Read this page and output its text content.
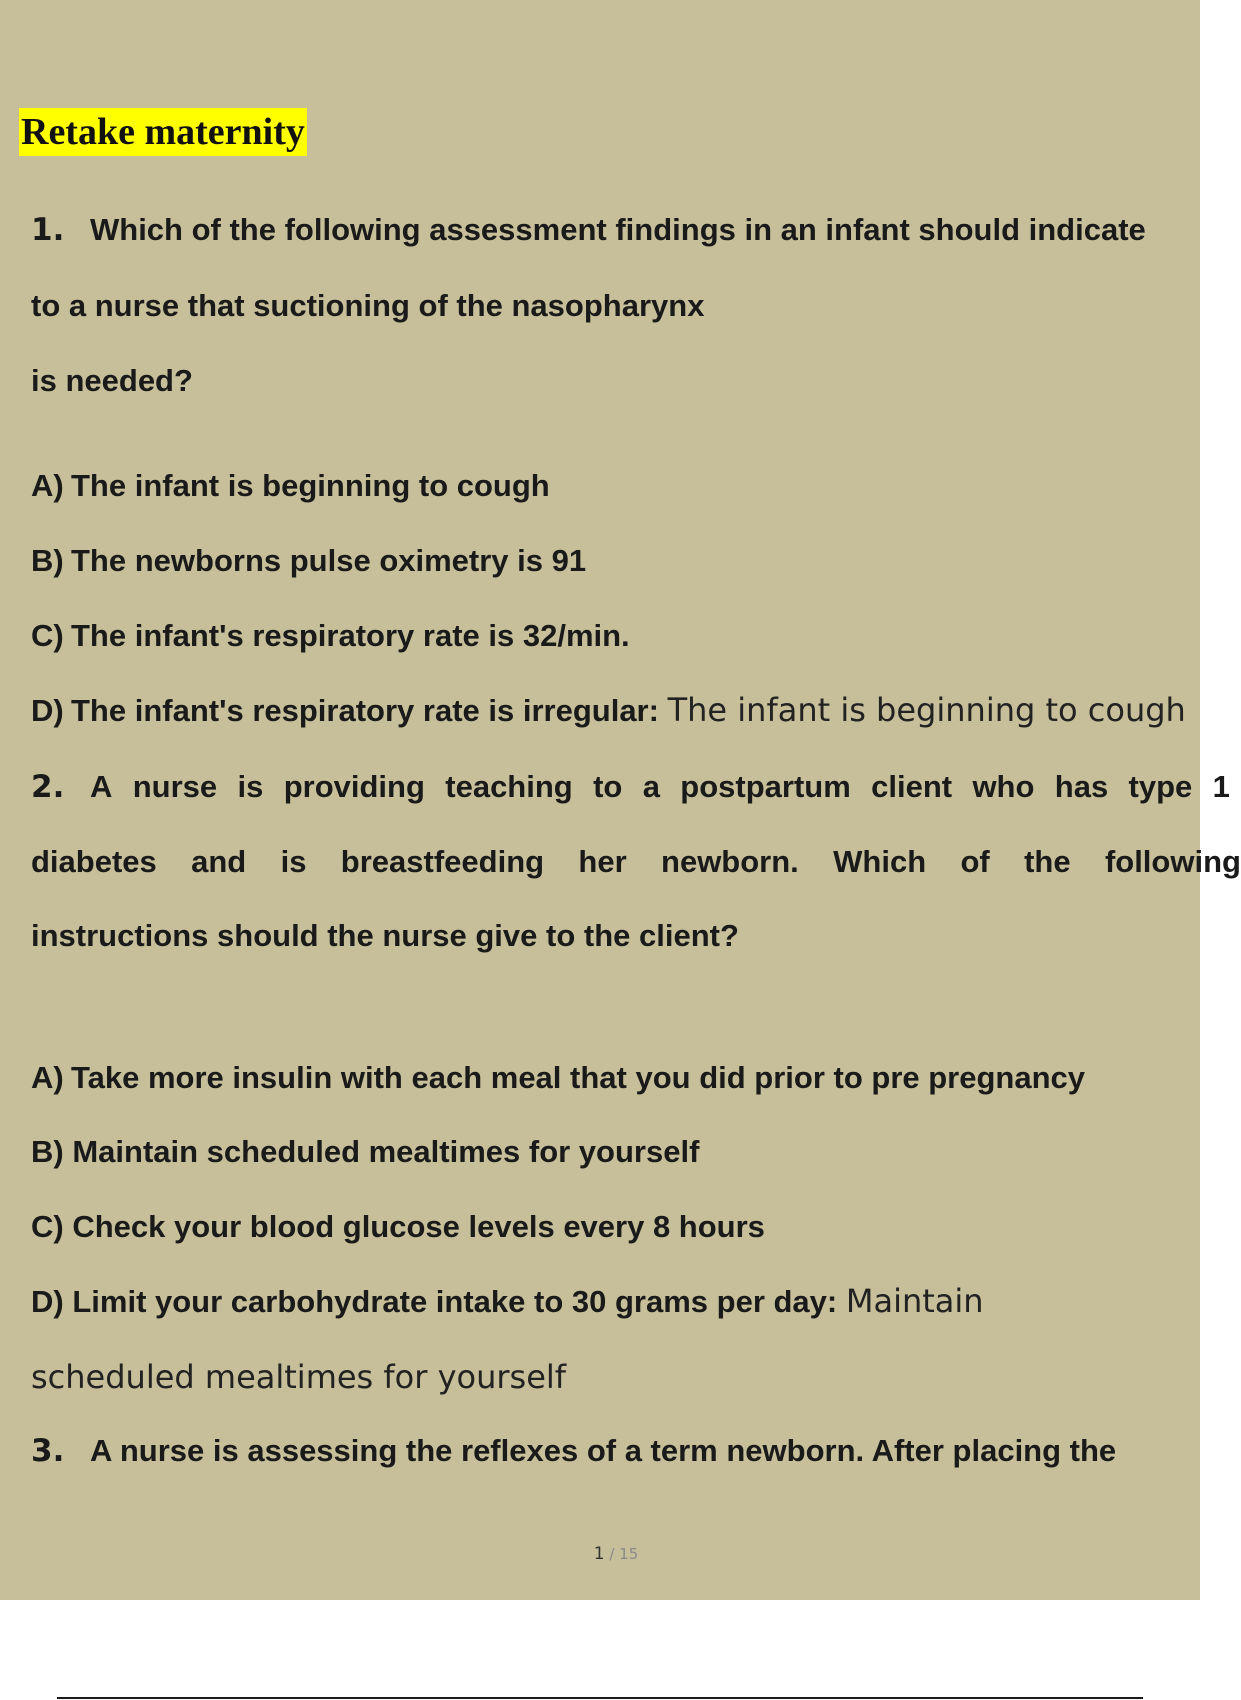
Retake maternity
1. Which of the following assessment findings in an infant should indicate
to a nurse that suctioning of the nasopharynx
is needed?
A) The infant is beginning to cough
B) The newborns pulse oximetry is 91
C) The infant's respiratory rate is 32/min.
D) The infant's respiratory rate is irregular: The infant is beginning to cough
2. A nurse is providing teaching to a postpartum client who has type 1
diabetes and is breastfeeding her newborn. Which of the following
instructions should the nurse give to the client?
A) Take more insulin with each meal that you did prior to pre pregnancy
B) Maintain scheduled mealtimes for yourself
C) Check your blood glucose levels every 8 hours
D) Limit your carbohydrate intake to 30 grams per day: Maintain
scheduled mealtimes for yourself
3. A nurse is assessing the reflexes of a term newborn. After placing the
1 / 15
